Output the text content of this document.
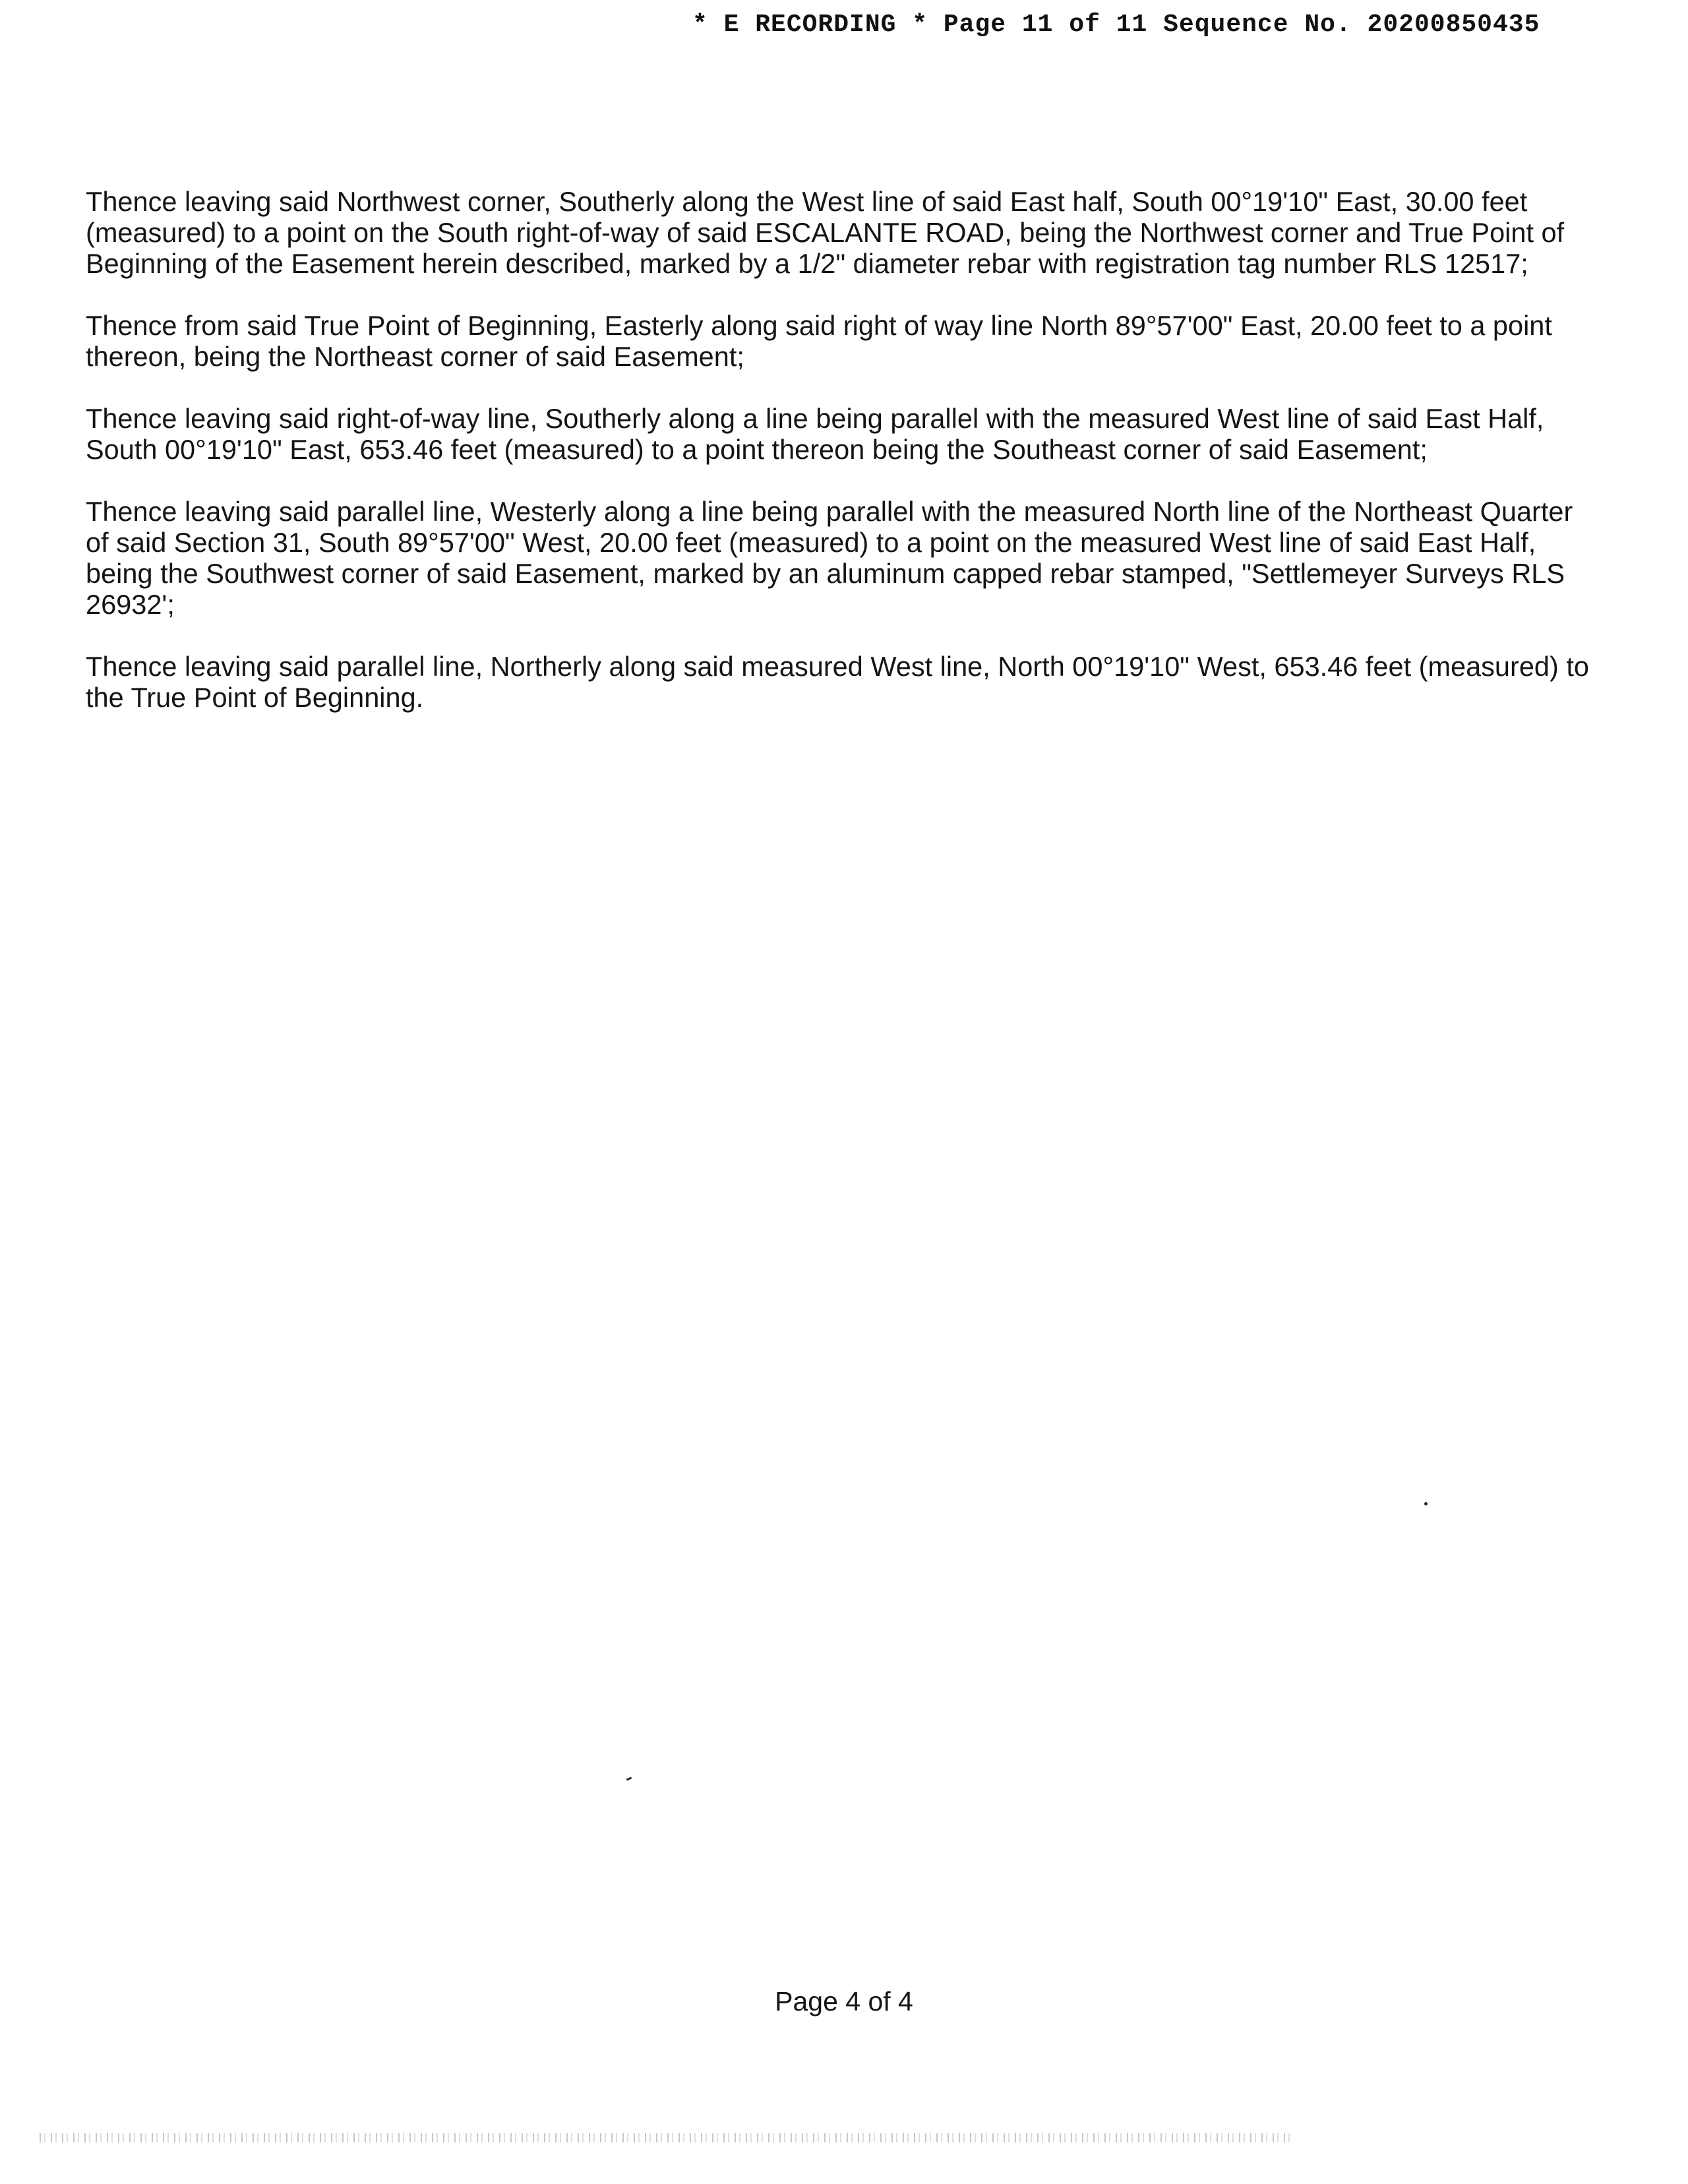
* E RECORDING * Page 11 of 11 Sequence No. 20200850435

Thence leaving said Northwest corner, Southerly along the West line of said East half, South 00°19'10" East, 30.00 feet (measured) to a point on the South right-of-way of said ESCALANTE ROAD, being the Northwest corner and True Point of Beginning of the Easement herein described, marked by a 1/2" diameter rebar with registration tag number RLS 12517;

Thence from said True Point of Beginning, Easterly along said right of way line North 89°57'00" East, 20.00 feet to a point thereon, being the Northeast corner of said Easement;

Thence leaving said right-of-way line, Southerly along a line being parallel with the measured West line of said East Half, South 00°19'10" East, 653.46 feet (measured) to a point thereon being the Southeast corner of said Easement;

Thence leaving said parallel line, Westerly along a line being parallel with the measured North line of the Northeast Quarter of said Section 31, South 89°57'00" West, 20.00 feet (measured) to a point on the measured West line of said East Half, being the Southwest corner of said Easement, marked by an aluminum capped rebar stamped, "Settlemeyer Surveys RLS 26932';

Thence leaving said parallel line, Northerly along said measured West line, North 00°19'10" West, 653.46 feet (measured) to the True Point of Beginning.

Page 4 of 4
